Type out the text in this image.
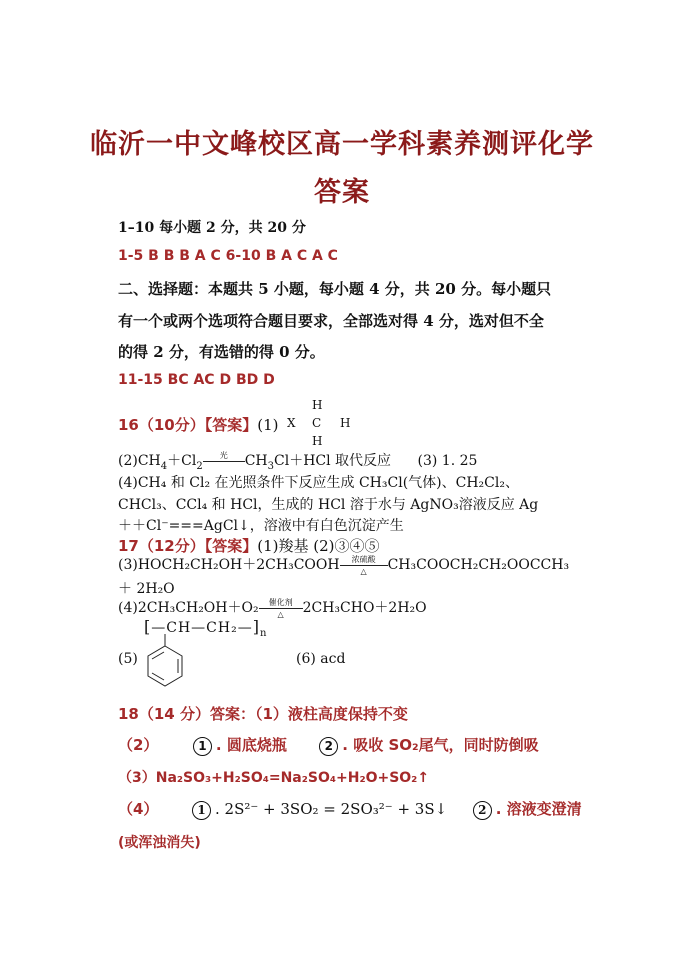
临沂一中文峰校区高一学科素养测评化学
答案
1–10 每小题 2 分，共 20 分
1-5 B B B A C 6-10 B A C A C
二、选择题：本题共 5 小题，每小题 4 分，共 20 分。每小题只
有一个或两个选项符合题目要求，全部选对得 4 分，选对但不全
的得 2 分，有选错的得 0 分。
11-15 BC AC D BD D
16（10分）【答案】(1)
H
X C H
H
$(2)CH_4+Cl_2$
光
	$CH_3Cl+HCl$ 取代反应 (3) 1. 25
(4)CH₄ 和 Cl₂ 在光照条件下反应生成 CH₃Cl(气体)、CH₂Cl₂、
CHCl₃、CCl₄ 和 HCl，生成的 HCl 溶于水与 AgNO₃溶液反应 Ag
＋＋Cl⁻===AgCl↓，溶液中有白色沉淀产生
17（12分）【答案】(1)羧基 (2)③④⑤
(3)HOCH₂CH₂OH＋2CH₃COOH	浓硫酸
△	CH₃COOCH₂CH₂OOCCH₃
＋ 2H₂O
(4)2CH₃CH₂OH＋O₂	催化剂
△	2CH₃CHO＋2H₂O
$[—CH—CH_2—]_n$
(5)	(6) acd
18（14 分）答案：（1）液柱高度保持不变
（2）	1 . 圆底烧瓶	2 . 吸收 SO₂尾气，同时防倒吸
（3）Na₂SO₃+H₂SO₄=Na₂SO₄+H₂O+SO₂↑
（4）	1 . 2S²⁻ + 3SO₂ = 2SO₃²⁻ + 3S↓	2 . 溶液变澄清
(或浑浊消失)
